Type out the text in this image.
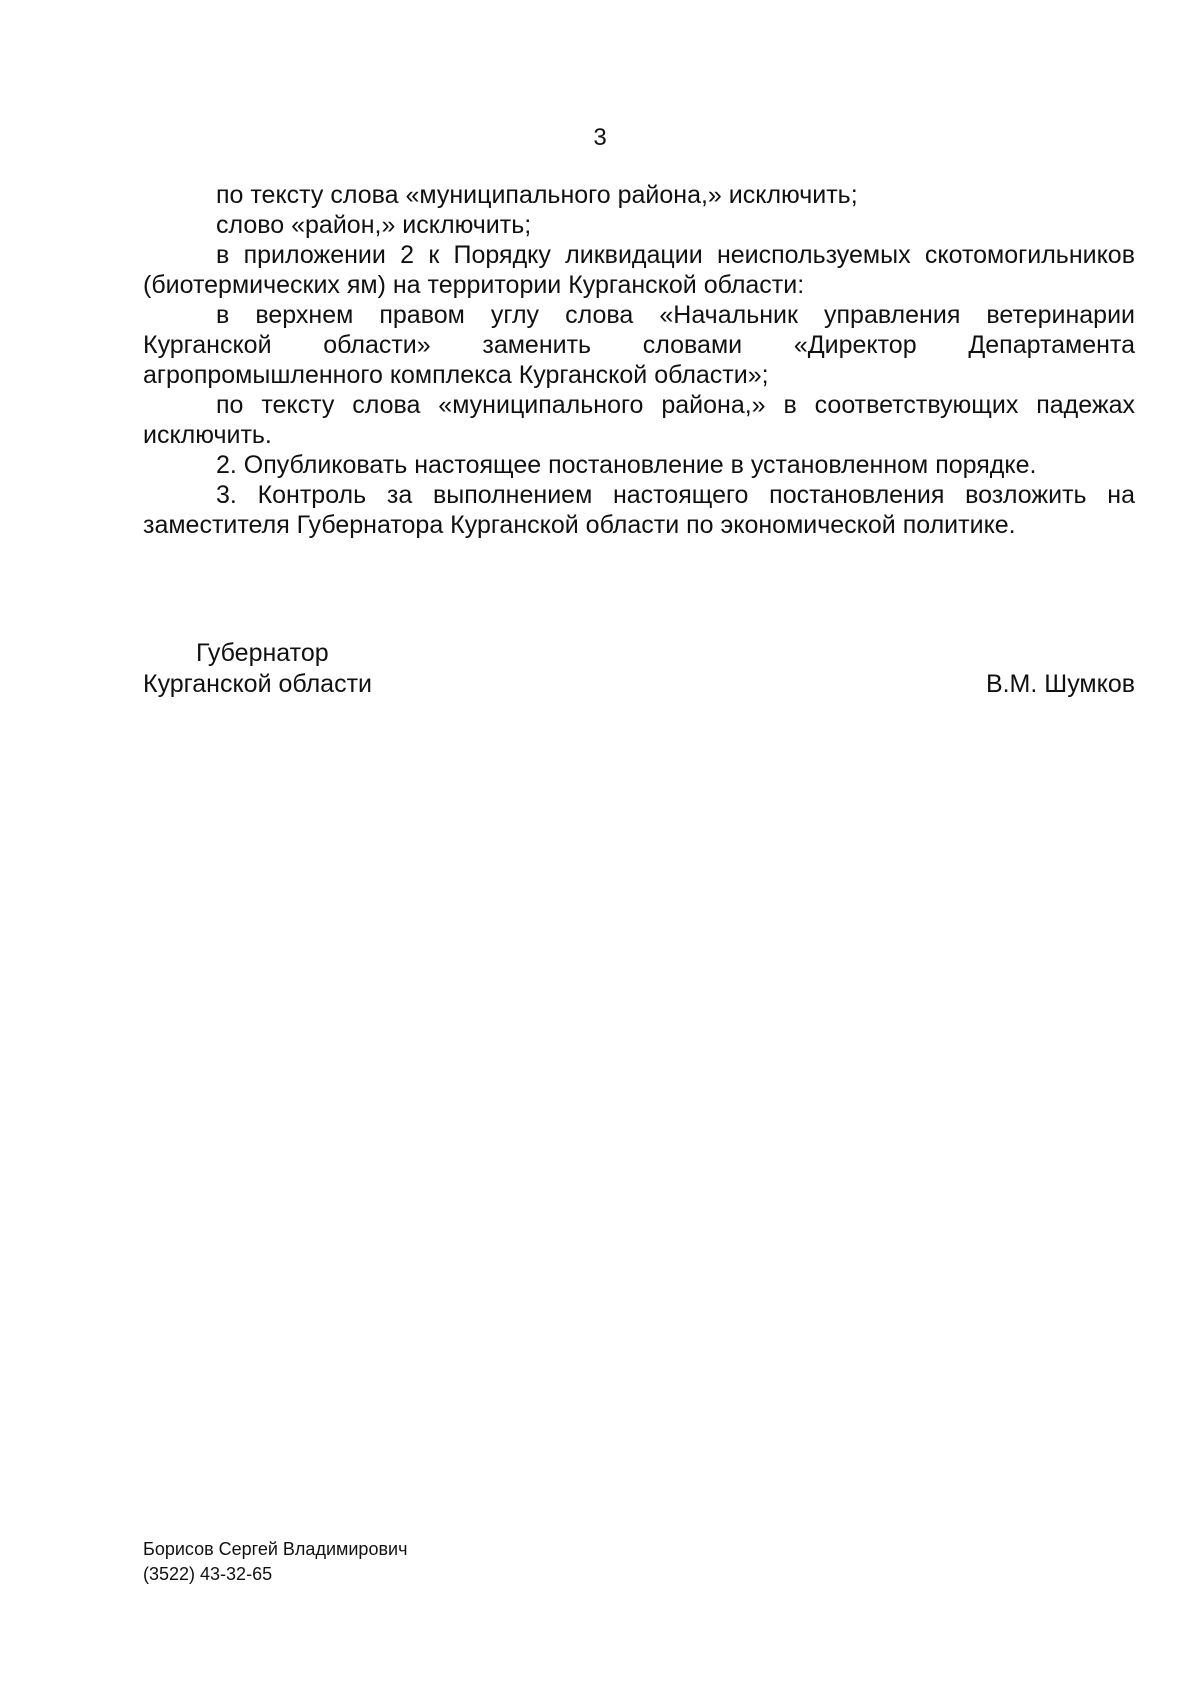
3

по тексту слова «муниципального района,» исключить;

слово «район,» исключить;

в приложении 2 к Порядку ликвидации неиспользуемых скотомогильников (биотермических ям) на территории Курганской области:

в верхнем правом углу слова «Начальник управления ветеринарии Курганской области» заменить словами «Директор Департамента агропромышленного комплекса Курганской области»;

по тексту слова «муниципального района,» в соответствующих падежах исключить.

2. Опубликовать настоящее постановление в установленном порядке.

3. Контроль за выполнением настоящего постановления возложить на заместителя Губернатора Курганской области по экономической политике.

Губернатор
Курганской области	В.М. Шумков
Борисов Сергей Владимирович
(3522) 43-32-65
